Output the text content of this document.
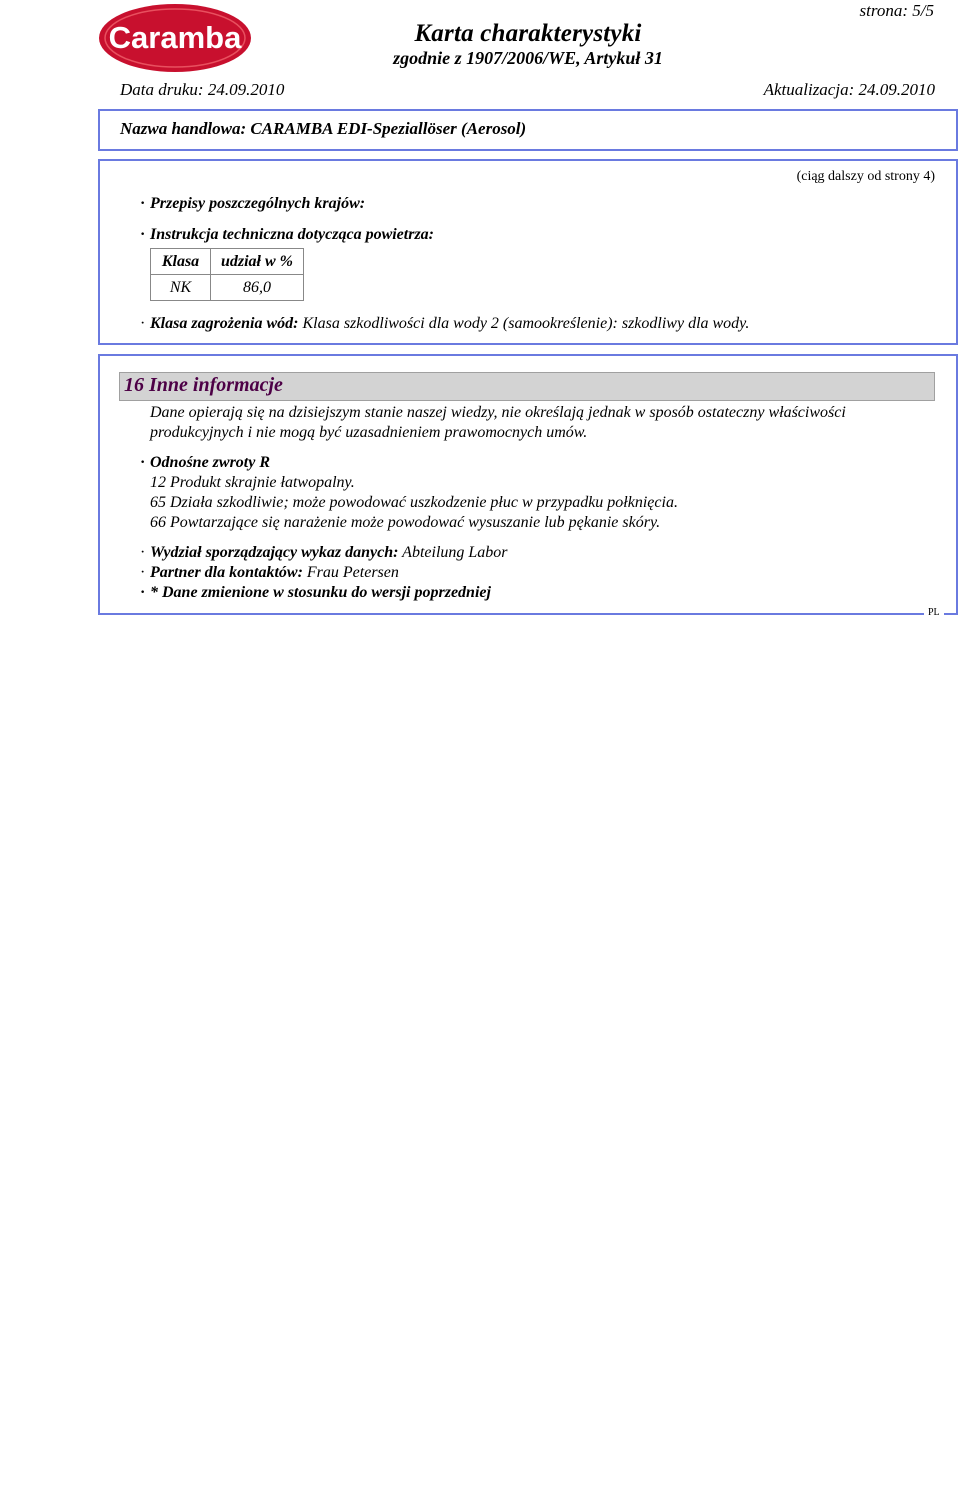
Caramba
strona: 5/5
Karta charakterystyki
zgodnie z 1907/2006/WE, Artykuł 31
Data druku: 24.09.2010	Aktualizacja: 24.09.2010
Nazwa handlowa: CARAMBA EDI-Speziallöser (Aerosol)
(ciąg dalszy od strony 4)
· Przepisy poszczególnych krajów:
· Instrukcja techniczna dotycząca powietrza:
Klasa	udział w %
NK	86,0
· Klasa zagrożenia wód: Klasa szkodliwości dla wody 2 (samookreślenie): szkodliwy dla wody.
PL
16 Inne informacje
Dane opierają się na dzisiejszym stanie naszej wiedzy, nie określają jednak w sposób ostateczny właściwości
produkcyjnych i nie mogą być uzasadnieniem prawomocnych umów.
· Odnośne zwroty R
12 Produkt skrajnie łatwopalny.
65 Działa szkodliwie; może powodować uszkodzenie płuc w przypadku połknięcia.
66 Powtarzające się narażenie może powodować wysuszanie lub pękanie skóry.
· Wydział sporządzający wykaz danych: Abteilung Labor
· Partner dla kontaktów: Frau Petersen
· * Dane zmienione w stosunku do wersji poprzedniej
